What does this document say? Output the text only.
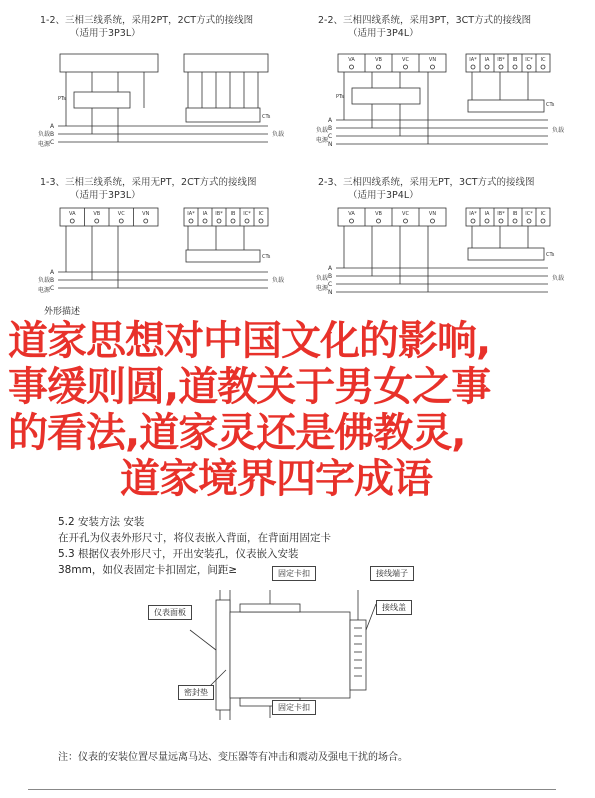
1-2、三相三线系统，采用2PT，2CT方式的接线图
（适用于3P3L）
A
B
C
PTs
CTs
负载
电源
负载
2-2、三相四线系统，采用3PT，3CT方式的接线图
（适用于3P4L）
A
B
C
N
PTs
CTs
负载
电源
负载
VA	VB	VC	VN	IA* IA IB* IB IC* IC
1-3、三相三线系统，采用无PT，2CT方式的接线图
（适用于3P3L）
A
B
C
CTs
负载
电源
负载
VA	VB	VC	VN	IA* IA IB* IB IC* IC
2-3、三相四线系统，采用无PT，3CT方式的接线图
（适用于3P4L）
A
B
C
N
CTs
负载
电源
负载
VA	VB	VC	VN	IA* IA IB* IB IC* IC
外形描述
5.2 安装方法 安装
在开孔为仪表外形尺寸，将仪表嵌入背面，在背面用固定卡
5.3 根据仪表外形尺寸，开出安装孔，仪表嵌入安装
38mm，如仪表固定卡扣固定，间距≥	固定卡扣
仪表面板
接线端子
接线盖
密封垫
固定卡扣
注：仪表的安装位置尽量远离马达、变压器等有冲击和震动及强电干扰的场合。
道家思想对中国文化的影响,
事缓则圆,道教关于男女之事
的看法,道家灵还是佛教灵,
道家境界四字成语
